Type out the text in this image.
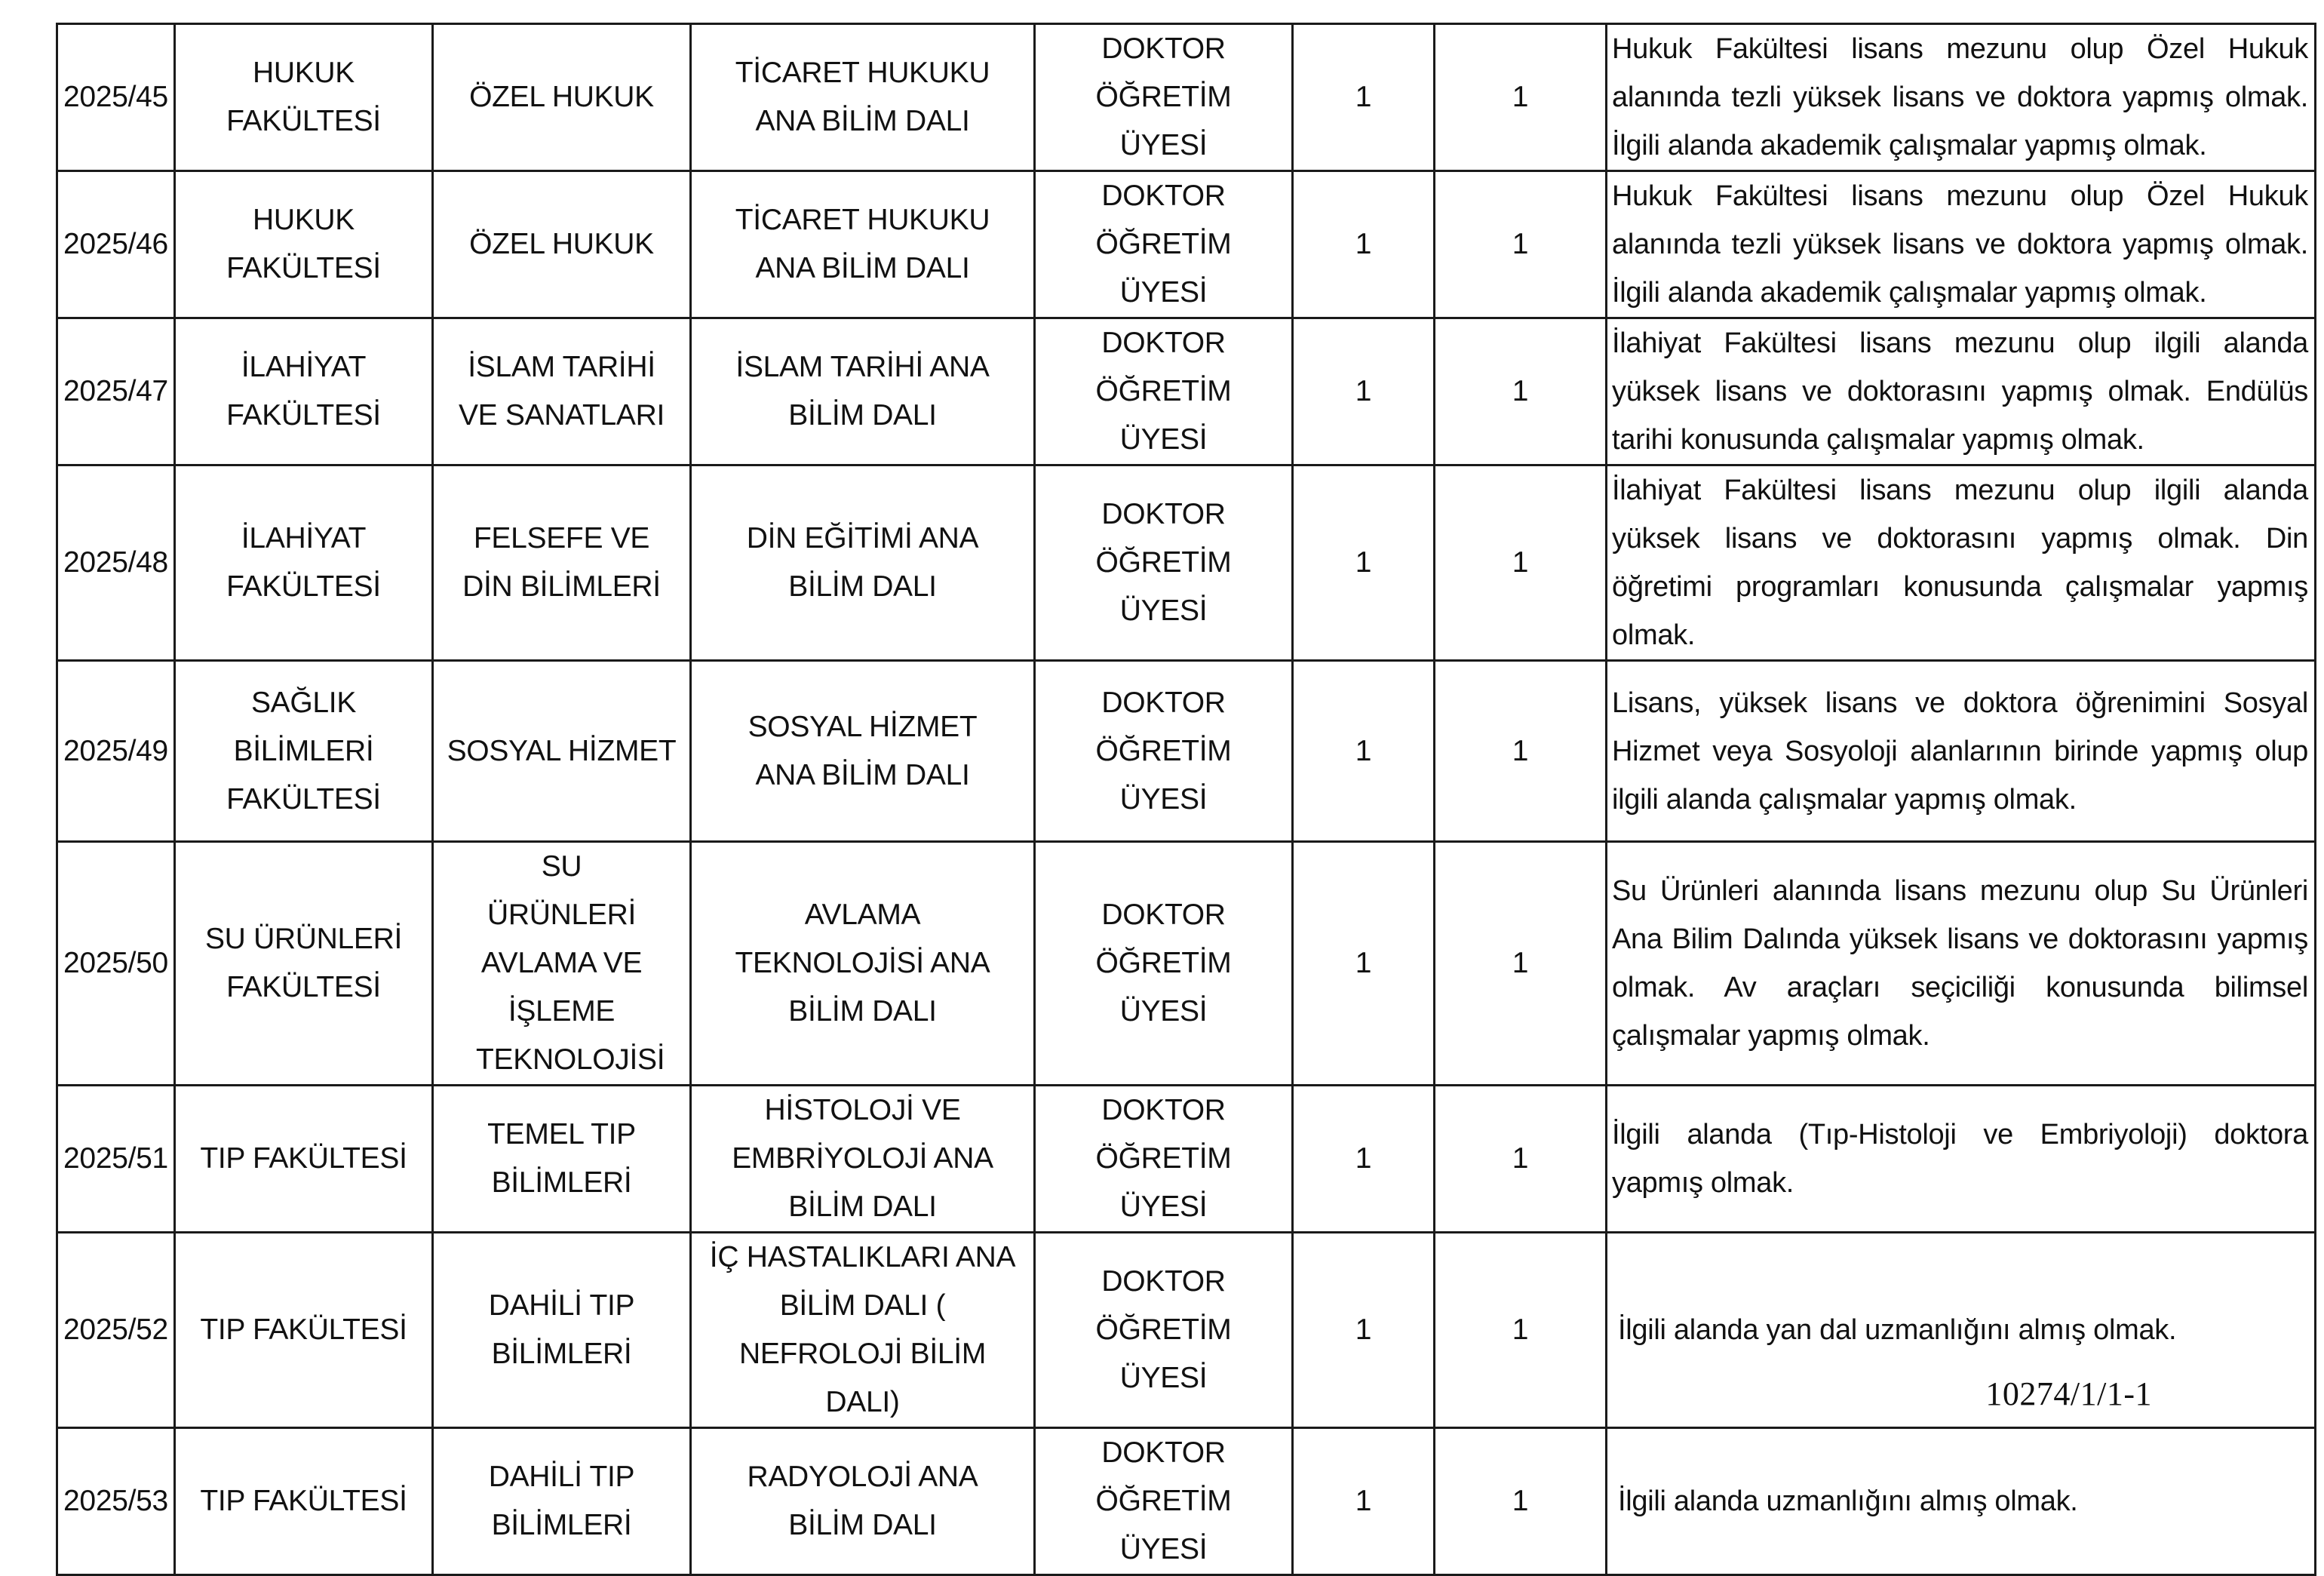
2025/45	HUKUK FAKÜLTESİ	ÖZEL HUKUK	TİCARET HUKUKU ANA BİLİM DALI	DOKTOR ÖĞRETİM ÜYESİ	1	1	Hukuk Fakültesi lisans mezunu olup Özel Hukuk alanında tezli yüksek lisans ve doktora yapmış olmak. İlgili alanda akademik çalışmalar yapmış olmak.
2025/46	HUKUK FAKÜLTESİ	ÖZEL HUKUK	TİCARET HUKUKU ANA BİLİM DALI	DOKTOR ÖĞRETİM ÜYESİ	1	1	Hukuk Fakültesi lisans mezunu olup Özel Hukuk alanında tezli yüksek lisans ve doktora yapmış olmak. İlgili alanda akademik çalışmalar yapmış olmak.
2025/47	İLAHİYAT FAKÜLTESİ	İSLAM TARİHİ VE SANATLARI	İSLAM TARİHİ ANA BİLİM DALI	DOKTOR ÖĞRETİM ÜYESİ	1	1	İlahiyat Fakültesi lisans mezunu olup ilgili alanda yüksek lisans ve doktorasını yapmış olmak. Endülüs tarihi konusunda çalışmalar yapmış olmak.
2025/48	İLAHİYAT FAKÜLTESİ	FELSEFE VE DİN BİLİMLERİ	DİN EĞİTİMİ ANA BİLİM DALI	DOKTOR ÖĞRETİM ÜYESİ	1	1	İlahiyat Fakültesi lisans mezunu olup ilgili alanda yüksek lisans ve doktorasını yapmış olmak. Din öğretimi programları konusunda çalışmalar yapmış olmak.
2025/49	SAĞLIK BİLİMLERİ FAKÜLTESİ	SOSYAL HİZMET	SOSYAL HİZMET ANA BİLİM DALI	DOKTOR ÖĞRETİM ÜYESİ	1	1	Lisans, yüksek lisans ve doktora öğrenimini Sosyal Hizmet veya Sosyoloji alanlarının birinde yapmış olup ilgili alanda çalışmalar yapmış olmak.
2025/50	SU ÜRÜNLERİ FAKÜLTESİ	SU ÜRÜNLERİ AVLAMA VE İŞLEME TEKNOLOJİSİ	AVLAMA TEKNOLOJİSİ ANA BİLİM DALI	DOKTOR ÖĞRETİM ÜYESİ	1	1	Su Ürünleri alanında lisans mezunu olup Su Ürünleri Ana Bilim Dalında yüksek lisans ve doktorasını yapmış olmak. Av araçları seçiciliği konusunda bilimsel çalışmalar yapmış olmak.
2025/51	TIP FAKÜLTESİ	TEMEL TIP BİLİMLERİ	HİSTOLOJİ VE EMBRİYOLOJİ ANA BİLİM DALI	DOKTOR ÖĞRETİM ÜYESİ	1	1	İlgili alanda (Tıp-Histoloji ve Embriyoloji) doktora yapmış olmak.
2025/52	TIP FAKÜLTESİ	DAHİLİ TIP BİLİMLERİ	İÇ HASTALIKLARI ANA BİLİM DALI ( NEFROLOJİ BİLİM DALI)	DOKTOR ÖĞRETİM ÜYESİ	1	1	İlgili alanda yan dal uzmanlığını almış olmak.
2025/53	TIP FAKÜLTESİ	DAHİLİ TIP BİLİMLERİ	RADYOLOJİ ANA BİLİM DALI	DOKTOR ÖĞRETİM ÜYESİ	1	1	İlgili alanda uzmanlığını almış olmak.
10274/1/1-1
